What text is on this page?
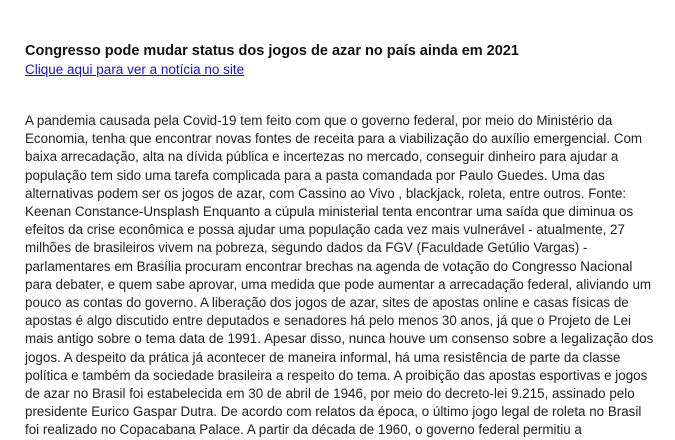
Congresso pode mudar status dos jogos de azar no país ainda em 2021
Clique aqui para ver a notícia no site
A pandemia causada pela Covid-19 tem feito com que o governo federal, por meio do Ministério da
Economia, tenha que encontrar novas fontes de receita para a viabilização do auxílio emergencial. Com
baixa arrecadação, alta na dívida pública e incertezas no mercado, conseguir dinheiro para ajudar a
população tem sido uma tarefa complicada para a pasta comandada por Paulo Guedes. Uma das
alternativas podem ser os jogos de azar, com Cassino ao Vivo , blackjack, roleta, entre outros. Fonte:
Keenan Constance-Unsplash Enquanto a cúpula ministerial tenta encontrar uma saída que diminua os
efeitos da crise econômica e possa ajudar uma população cada vez mais vulnerável - atualmente, 27
milhões de brasileiros vivem na pobreza, segundo dados da FGV (Faculdade Getúlio Vargas) -
parlamentares em Brasília procuram encontrar brechas na agenda de votação do Congresso Nacional
para debater, e quem sabe aprovar, uma medida que pode aumentar a arrecadação federal, aliviando um
pouco as contas do governo. A liberação dos jogos de azar, sites de apostas online e casas físicas de
apostas é algo discutido entre deputados e senadores há pelo menos 30 anos, já que o Projeto de Lei
mais antigo sobre o tema data de 1991. Apesar disso, nunca houve um consenso sobre a legalização dos
jogos. A despeito da prática já acontecer de maneira informal, há uma resistência de parte da classe
política e também da sociedade brasileira a respeito do tema. A proibição das apostas esportivas e jogos
de azar no Brasil foi estabelecida em 30 de abril de 1946, por meio do decreto-lei 9.215, assinado pelo
presidente Eurico Gaspar Dutra. De acordo com relatos da época, o último jogo legal de roleta no Brasil
foi realizado no Copacabana Palace. A partir da década de 1960, o governo federal permitiu a
